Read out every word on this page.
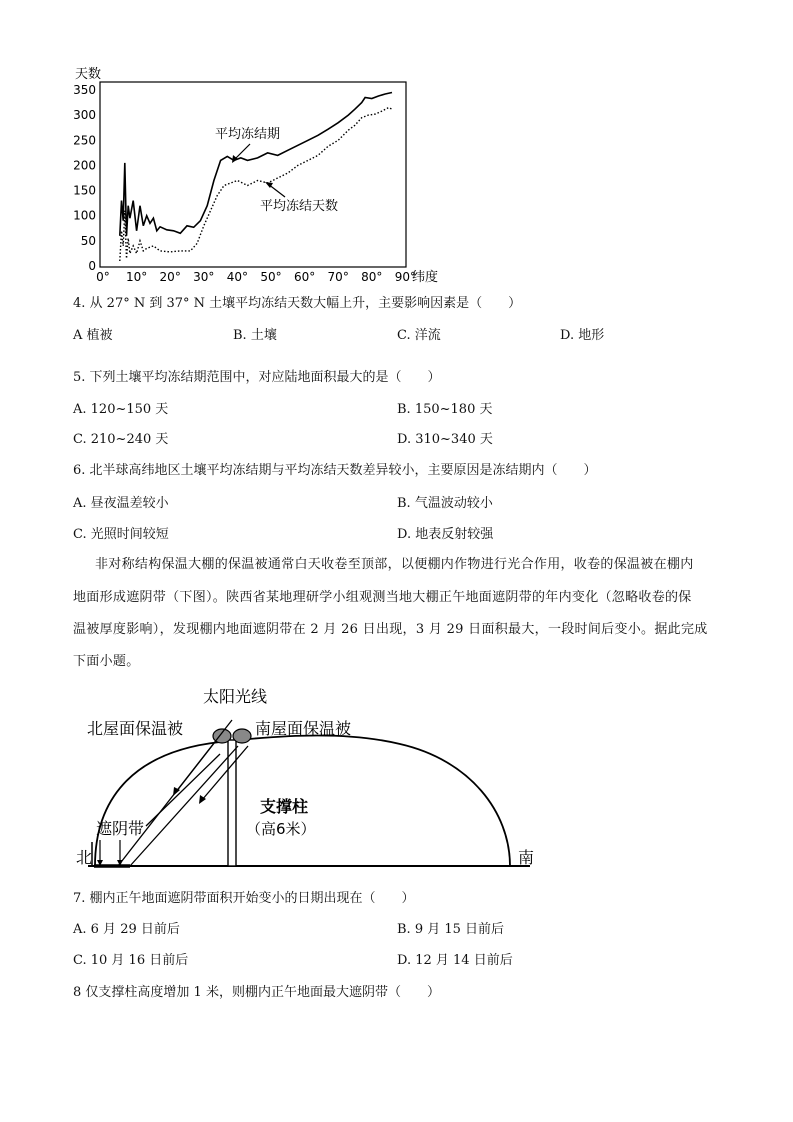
天数
350
300
250
200
150
100
50
0
0° 10° 20° 30° 40° 50° 60° 70° 80° 90°
平均冻结期
平均冻结天数
纬度
4. 从 27° N 到 37° N 土壤平均冻结天数大幅上升，主要影响因素是（　　）
A 植被	B. 土壤	C. 洋流	D. 地形
5. 下列土壤平均冻结期范围中，对应陆地面积最大的是（　　）
A. 120~150 天	B. 150~180 天
C. 210~240 天	D. 310~340 天
6. 北半球高纬地区土壤平均冻结期与平均冻结天数差异较小，主要原因是冻结期内（　　）
A. 昼夜温差较小	B. 气温波动较小
C. 光照时间较短	D. 地表反射较强
非对称结构保温大棚的保温被通常白天收卷至顶部，以便棚内作物进行光合作用，收卷的保温被在棚内
地面形成遮阴带（下图）。陕西省某地理研学小组观测当地大棚正午地面遮阴带的年内变化（忽略收卷的保
温被厚度影响），发现棚内地面遮阴带在 2 月 26 日出现，3 月 29 日面积最大，一段时间后变小。据此完成
下面小题。
太阳光线
北屋面保温被	南屋面保温被
支撑柱
（高6米）
遮阴带
北	南
7. 棚内正午地面遮阴带面积开始变小的日期出现在（　　）
A. 6 月 29 日前后	B. 9 月 15 日前后
C. 10 月 16 日前后	D. 12 月 14 日前后
8 仅支撑柱高度增加 1 米，则棚内正午地面最大遮阴带（　　）
